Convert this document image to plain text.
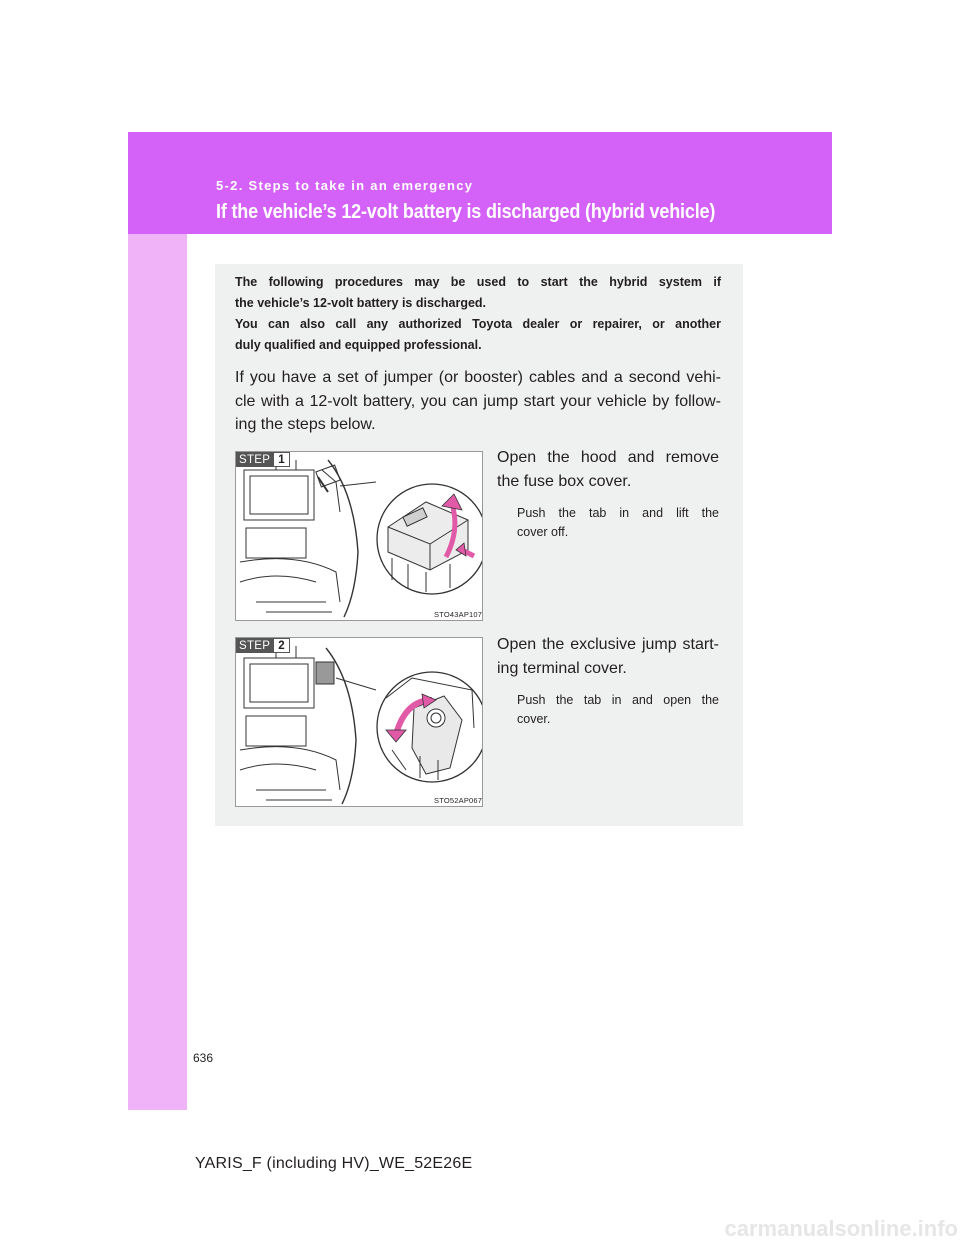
5-2. Steps to take in an emergency
If the vehicle’s 12-volt battery is discharged (hybrid vehicle)

The following procedures may be used to start the hybrid system if

the vehicle’s 12-volt battery is discharged.

You can also call any authorized Toyota dealer or repairer, or another

duly qualified and equipped professional.

If you have a set of jumper (or booster) cables and a second vehi-

cle with a 12-volt battery, you can jump start your vehicle by follow-

ing the steps below.

STEP 1
STO43AP107

Open the hood and remove
the fuse box cover.

Push the tab in and lift the
cover off.

STEP 2
STO52AP067

Open the exclusive jump start-
ing terminal cover.

Push the tab in and open the
cover.

636
YARIS_F (including HV)_WE_52E26E
carmanualsonline.info
